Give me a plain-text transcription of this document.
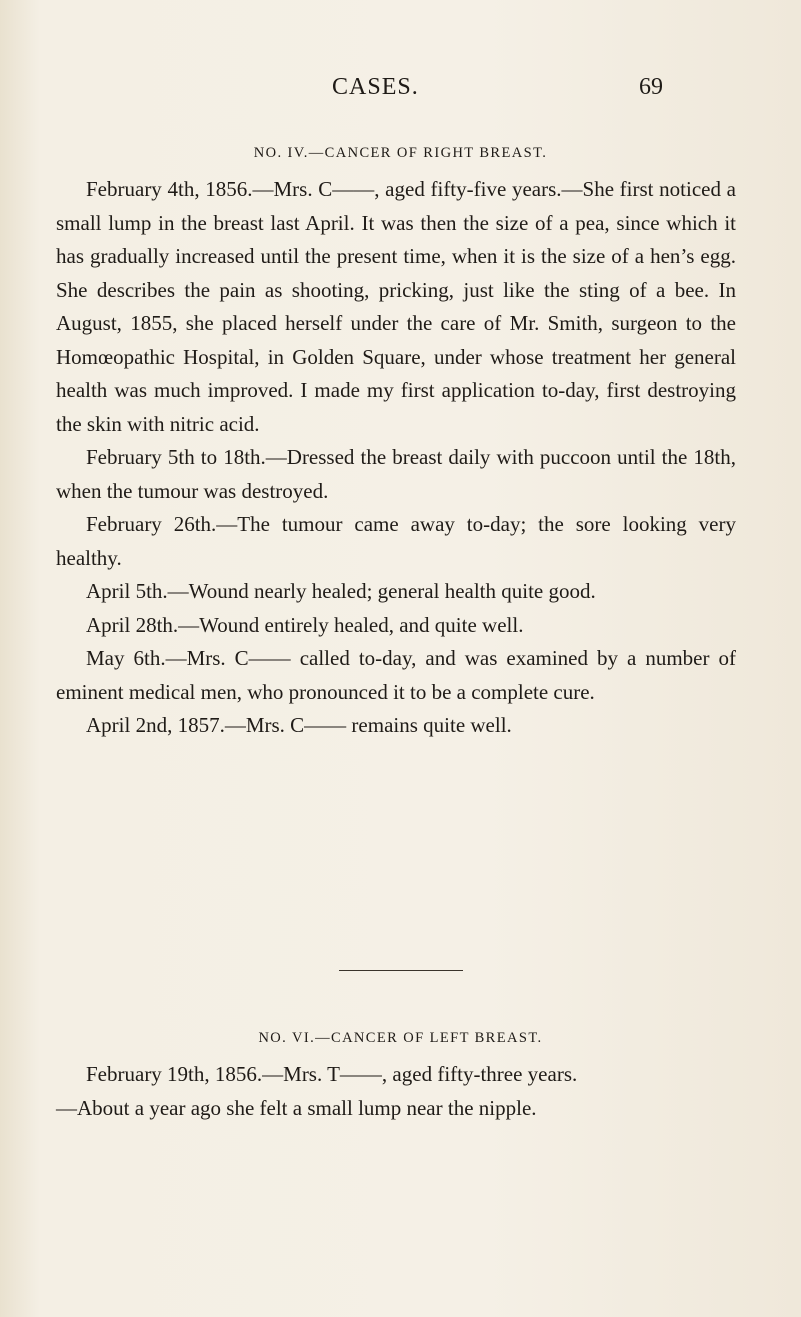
CASES.	69
NO. IV.—CANCER OF RIGHT BREAST.

February 4th, 1856.—Mrs. C——, aged fifty-five years.—She first noticed a small lump in the breast last April. It was then the size of a pea, since which it has gradually increased until the present time, when it is the size of a hen’s egg. She describes the pain as shooting, pricking, just like the sting of a bee. In August, 1855, she placed herself under the care of Mr. Smith, surgeon to the Homœopathic Hospital, in Golden Square, under whose treatment her general health was much improved. I made my first application to-day, first destroying the skin with nitric acid.

February 5th to 18th.—Dressed the breast daily with puccoon until the 18th, when the tumour was destroyed.

February 26th.—The tumour came away to-day; the sore looking very healthy.

April 5th.—Wound nearly healed; general health quite good.

April 28th.—Wound entirely healed, and quite well.

May 6th.—Mrs. C—— called to-day, and was examined by a number of eminent medical men, who pronounced it to be a complete cure.

April 2nd, 1857.—Mrs. C—— remains quite well.

NO. VI.—CANCER OF LEFT BREAST.

February 19th, 1856.—Mrs. T——, aged fifty-three years.

—About a year ago she felt a small lump near the nipple.
